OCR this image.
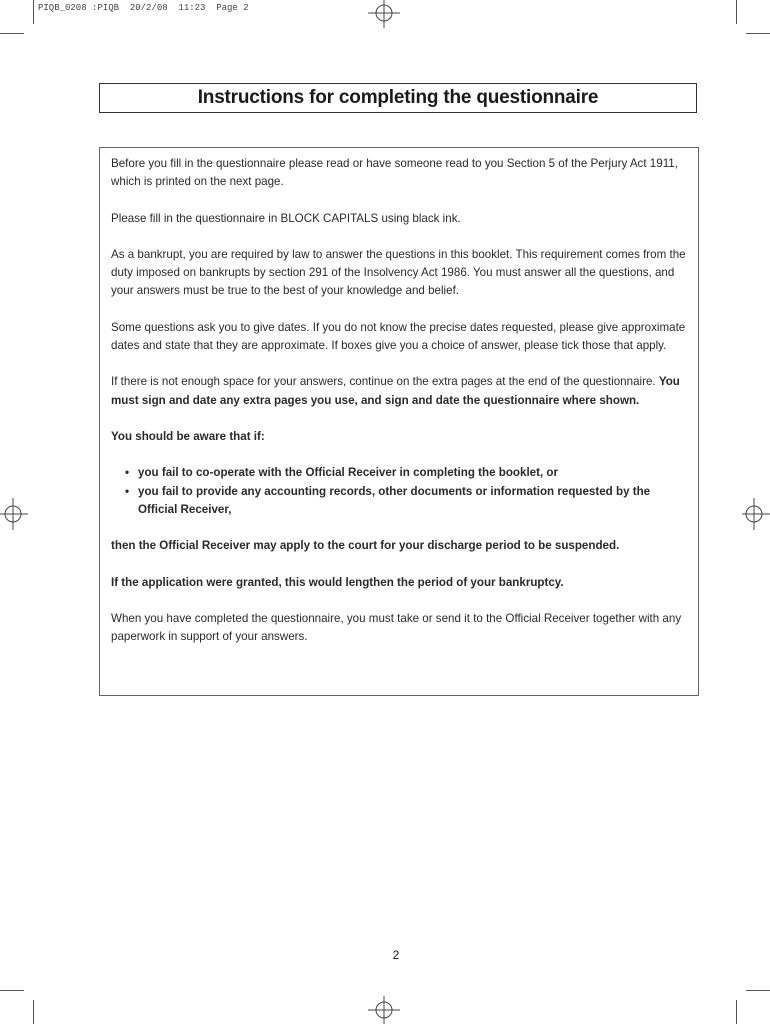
PIQB_0208 :PIQB  20/2/08  11:23  Page 2
Instructions for completing the questionnaire

Before you fill in the questionnaire please read or have someone read to you Section 5 of the Perjury Act 1911, which is printed on the next page.

Please fill in the questionnaire in BLOCK CAPITALS using black ink.

As a bankrupt, you are required by law to answer the questions in this booklet. This requirement comes from the duty imposed on bankrupts by section 291 of the Insolvency Act 1986. You must answer all the questions, and your answers must be true to the best of your knowledge and belief.

Some questions ask you to give dates. If you do not know the precise dates requested, please give approximate dates and state that they are approximate. If boxes give you a choice of answer, please tick those that apply.

If there is not enough space for your answers, continue on the extra pages at the end of the questionnaire. You must sign and date any extra pages you use, and sign and date the questionnaire where shown.

You should be aware that if:

• you fail to co-operate with the Official Receiver in completing the booklet, or
• you fail to provide any accounting records, other documents or information requested by the Official Receiver,

then the Official Receiver may apply to the court for your discharge period to be suspended.

If the application were granted, this would lengthen the period of your bankruptcy.

When you have completed the questionnaire, you must take or send it to the Official Receiver together with any paperwork in support of your answers.

2
